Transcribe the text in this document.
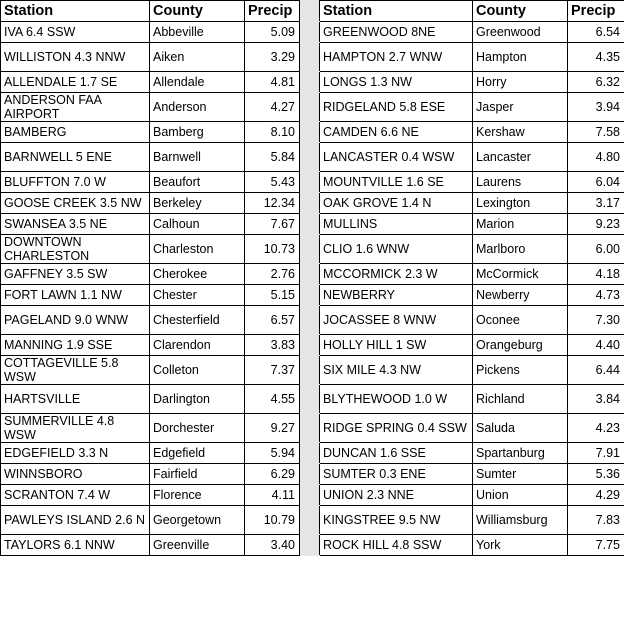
Station	County	Precip		Station	County	Precip
IVA 6.4 SSW	Abbeville	5.09		GREENWOOD 8NE	Greenwood	6.54
WILLISTON 4.3 NNW	Aiken	3.29		HAMPTON 2.7 WNW	Hampton	4.35
ALLENDALE 1.7 SE	Allendale	4.81		LONGS 1.3 NW	Horry	6.32
ANDERSON FAA AIRPORT	Anderson	4.27		RIDGELAND 5.8 ESE	Jasper	3.94
BAMBERG	Bamberg	8.10		CAMDEN 6.6 NE	Kershaw	7.58
BARNWELL 5 ENE	Barnwell	5.84		LANCASTER 0.4 WSW	Lancaster	4.80
BLUFFTON 7.0 W	Beaufort	5.43		MOUNTVILLE 1.6 SE	Laurens	6.04
GOOSE CREEK 3.5 NW	Berkeley	12.34		OAK GROVE 1.4 N	Lexington	3.17
SWANSEA 3.5 NE	Calhoun	7.67		MULLINS	Marion	9.23
DOWNTOWN CHARLESTON	Charleston	10.73		CLIO 1.6 WNW	Marlboro	6.00
GAFFNEY 3.5 SW	Cherokee	2.76		MCCORMICK 2.3 W	McCormick	4.18
FORT LAWN 1.1 NW	Chester	5.15		NEWBERRY	Newberry	4.73
PAGELAND 9.0 WNW	Chesterfield	6.57		JOCASSEE 8 WNW	Oconee	7.30
MANNING 1.9 SSE	Clarendon	3.83		HOLLY HILL 1 SW	Orangeburg	4.40
COTTAGEVILLE 5.8 WSW	Colleton	7.37		SIX MILE 4.3 NW	Pickens	6.44
HARTSVILLE	Darlington	4.55		BLYTHEWOOD 1.0 W	Richland	3.84
SUMMERVILLE 4.8 WSW	Dorchester	9.27		RIDGE SPRING 0.4 SSW	Saluda	4.23
EDGEFIELD 3.3 N	Edgefield	5.94		DUNCAN 1.6 SSE	Spartanburg	7.91
WINNSBORO	Fairfield	6.29		SUMTER 0.3 ENE	Sumter	5.36
SCRANTON 7.4 W	Florence	4.11		UNION 2.3 NNE	Union	4.29
PAWLEYS ISLAND 2.6 N	Georgetown	10.79		KINGSTREE 9.5 NW	Williamsburg	7.83
TAYLORS 6.1 NNW	Greenville	3.40		ROCK HILL 4.8 SSW	York	7.75
